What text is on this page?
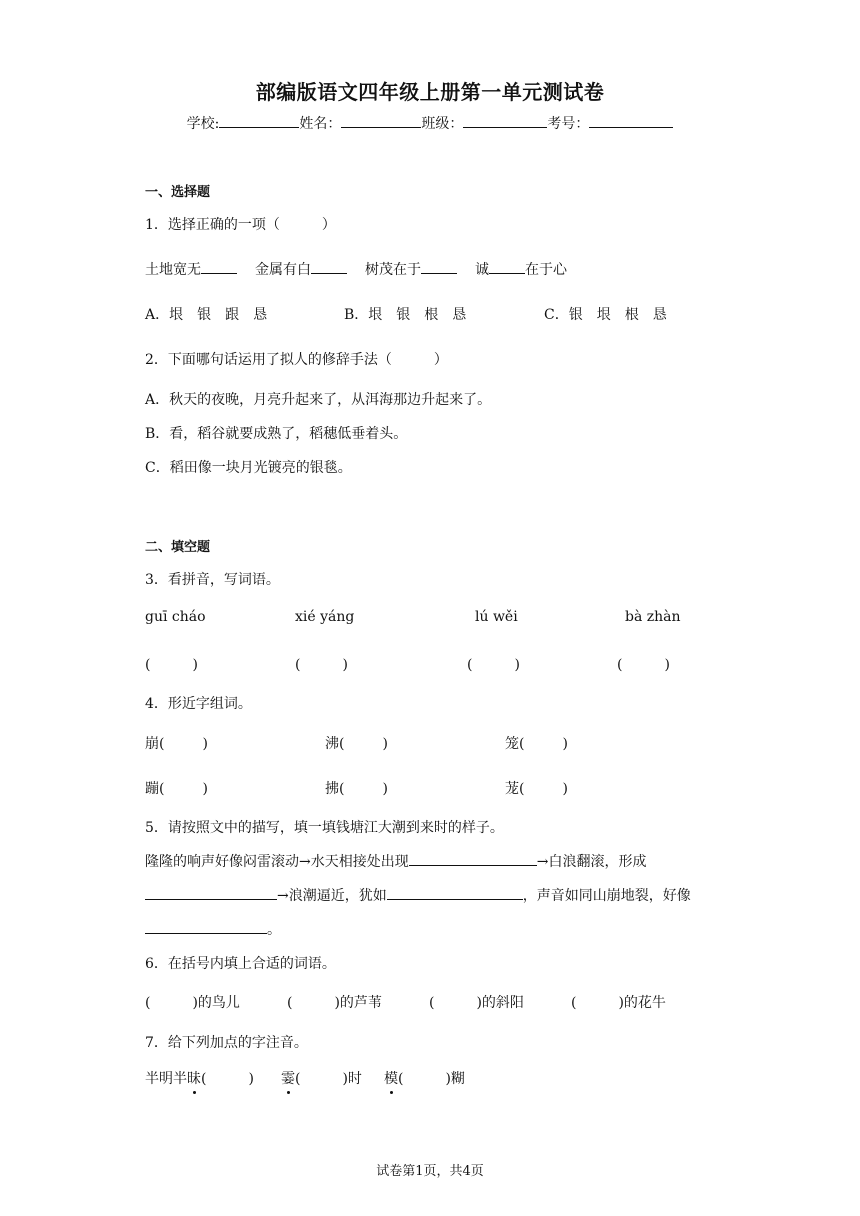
部编版语文四年级上册第一单元测试卷
学校:	姓名：	班级：	考号：
一、选择题
1．选择正确的一项（　　　）
土地宽无	金属有白	树茂在于	诚	在于心
A．垠　银　跟　恳	B．垠　银　根　恳	C．银　垠　根　恳
2．下面哪句话运用了拟人的修辞手法（　　　）
A．秋天的夜晚，月亮升起来了，从洱海那边升起来了。
B．看，稻谷就要成熟了，稻穗低垂着头。
C．稻田像一块月光镀亮的银毯。
二、填空题
3．看拼音，写词语。
guī cháo	xié yáng	lú wěi	bà zhàn
(　　　)	(　　　)	(　　　)	(　　　)
4．形近字组词。
崩(	)	沸(	)	笼(	)
蹦(	)	拂(	)	茏(	)
5．请按照文中的描写，填一填钱塘江大潮到来时的样子。
隆隆的响声好像闷雷滚动→水天相接处出现	→白浪翻滚，形成
→浪潮逼近，犹如	，声音如同山崩地裂，好像
。
6．在括号内填上合适的词语。
(　　　)的鸟儿	(　　　)的芦苇	(　　　)的斜阳	(　　　)的花牛
7．给下列加点的字注音。
半明半昧(　　　) 霎(　　　)时 模(　　　)糊
试卷第1页，共4页
